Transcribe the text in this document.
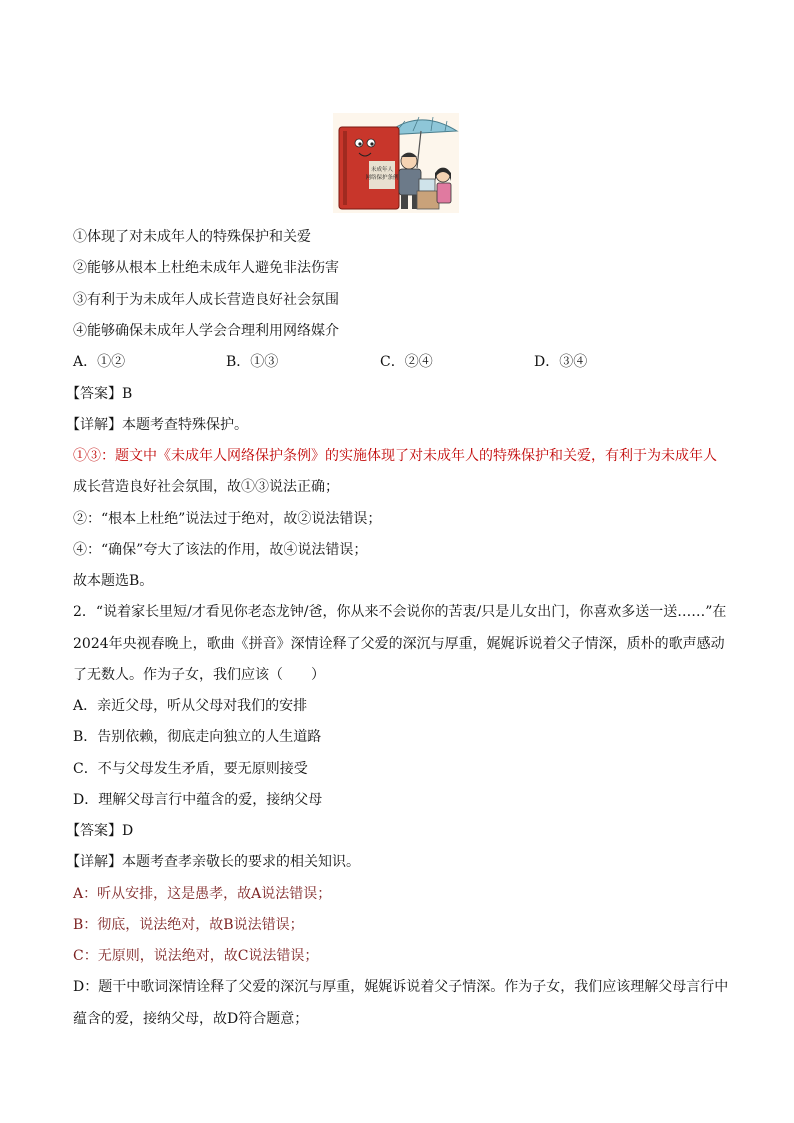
未成年人
网络保护条例
①体现了对未成年人的特殊保护和关爱
②能够从根本上杜绝未成年人避免非法伤害
③有利于为未成年人成长营造良好社会氛围
④能够确保未成年人学会合理利用网络媒介
A．①②	B．①③	C．②④	D．③④
【答案】B
【详解】本题考查特殊保护。
①③：题文中《未成年人网络保护条例》的实施体现了对未成年人的特殊保护和关爱，有利于为未成年人
成长营造良好社会氛围，故①③说法正确；
②：“根本上杜绝”说法过于绝对，故②说法错误；
④：“确保”夸大了该法的作用，故④说法错误；
故本题选B。
2．“说着家长里短/才看见你老态龙钟/爸，你从来不会说你的苦衷/只是儿女出门，你喜欢多送一送……”在
2024年央视春晚上，歌曲《拼音》深情诠释了父爱的深沉与厚重，娓娓诉说着父子情深，质朴的歌声感动
了无数人。作为子女，我们应该（　　）
A．亲近父母，听从父母对我们的安排
B．告别依赖，彻底走向独立的人生道路
C．不与父母发生矛盾，要无原则接受
D．理解父母言行中蕴含的爱，接纳父母
【答案】D
【详解】本题考查孝亲敬长的要求的相关知识。
A：听从安排，这是愚孝，故A说法错误；
B：彻底，说法绝对，故B说法错误；
C：无原则，说法绝对，故C说法错误；
D：题干中歌词深情诠释了父爱的深沉与厚重，娓娓诉说着父子情深。作为子女，我们应该理解父母言行中
蕴含的爱，接纳父母，故D符合题意；
